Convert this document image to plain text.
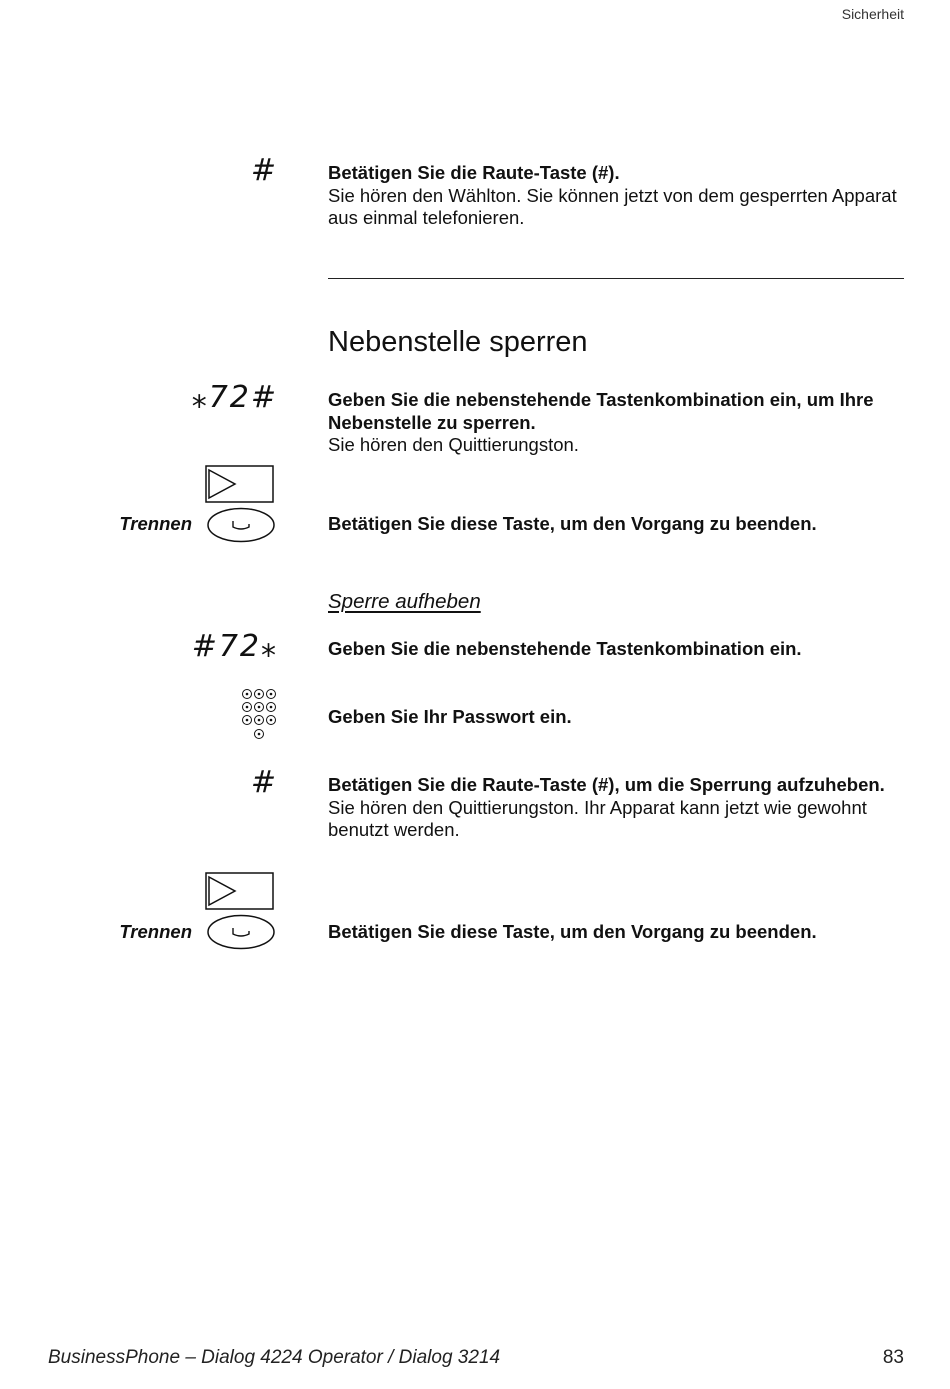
Sicherheit
#	Betätigen Sie die Raute-Taste (#).
Sie hören den Wählton. Sie können jetzt von dem gesperrten Apparat aus einmal telefonieren.
Nebenstelle sperren
⁎72#	Geben Sie die nebenstehende Tastenkombination ein, um Ihre Nebenstelle zu sperren.
Sie hören den Quittierungston.
Trennen	Betätigen Sie diese Taste, um den Vorgang zu beenden.
Sperre aufheben
#72⁎	Geben Sie die nebenstehende Tastenkombination ein.
Geben Sie Ihr Passwort ein.
#	Betätigen Sie die Raute-Taste (#), um die Sperrung aufzuheben.
Sie hören den Quittierungston. Ihr Apparat kann jetzt wie gewohnt benutzt werden.
Trennen	Betätigen Sie diese Taste, um den Vorgang zu beenden.
BusinessPhone – Dialog 4224 Operator / Dialog 3214	83
